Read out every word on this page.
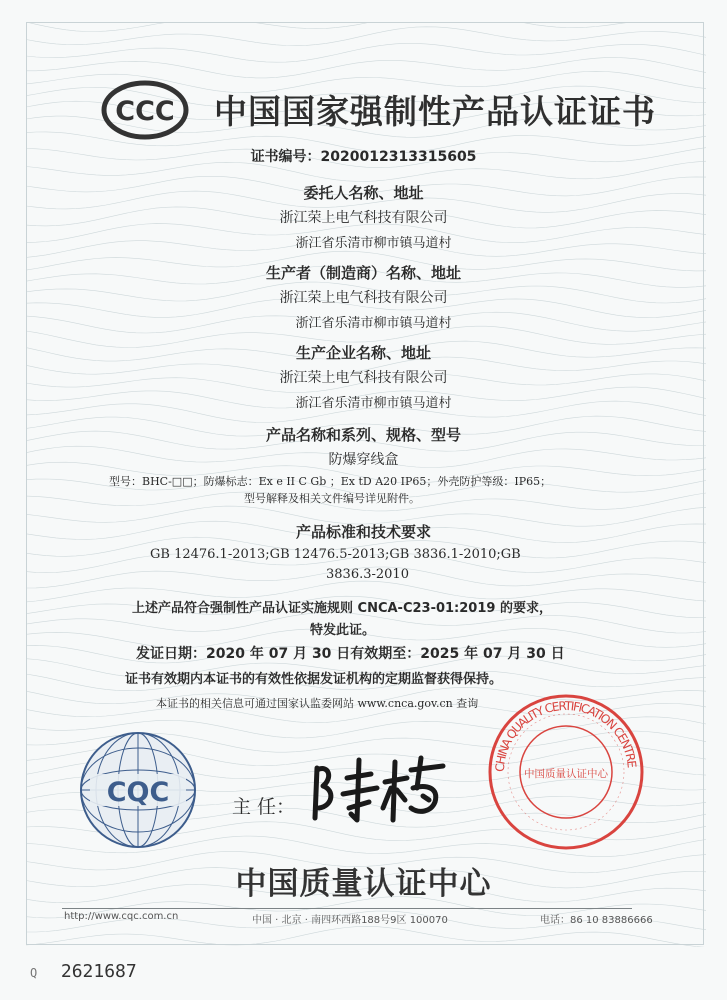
CCC 中国国家强制性产品认证证书
证书编号：2020012313315605
委托人名称、地址
浙江荣上电气科技有限公司
浙江省乐清市柳市镇马道村
生产者（制造商）名称、地址
浙江荣上电气科技有限公司
浙江省乐清市柳市镇马道村
生产企业名称、地址
浙江荣上电气科技有限公司
浙江省乐清市柳市镇马道村
产品名称和系列、规格、型号
防爆穿线盒
型号：BHC-□□；防爆标志：Ex e II C Gb ；Ex tD A20 IP65；外壳防护等级：IP65；
型号解释及相关文件编号详见附件。
产品标准和技术要求
GB 12476.1-2013;GB 12476.5-2013;GB 3836.1-2010;GB
3836.3-2010
上述产品符合强制性产品认证实施规则 CNCA-C23-01:2019 的要求，
特发此证。
发证日期：2020 年 07 月 30 日有效期至：2025 年 07 月 30 日
证书有效期内本证书的有效性依据发证机构的定期监督获得保持。
本证书的相关信息可通过国家认监委网站 www.cnca.gov.cn 查询
CQC	主 任：
CHINA QUALITY CERTIFICATION CENTRE
中国质量认证中心
中国质量认证中心
http://www.cqc.com.cn	中国 · 北京 · 南四环西路188号9区 100070	电话：86 10 83886666
Q 2621687
